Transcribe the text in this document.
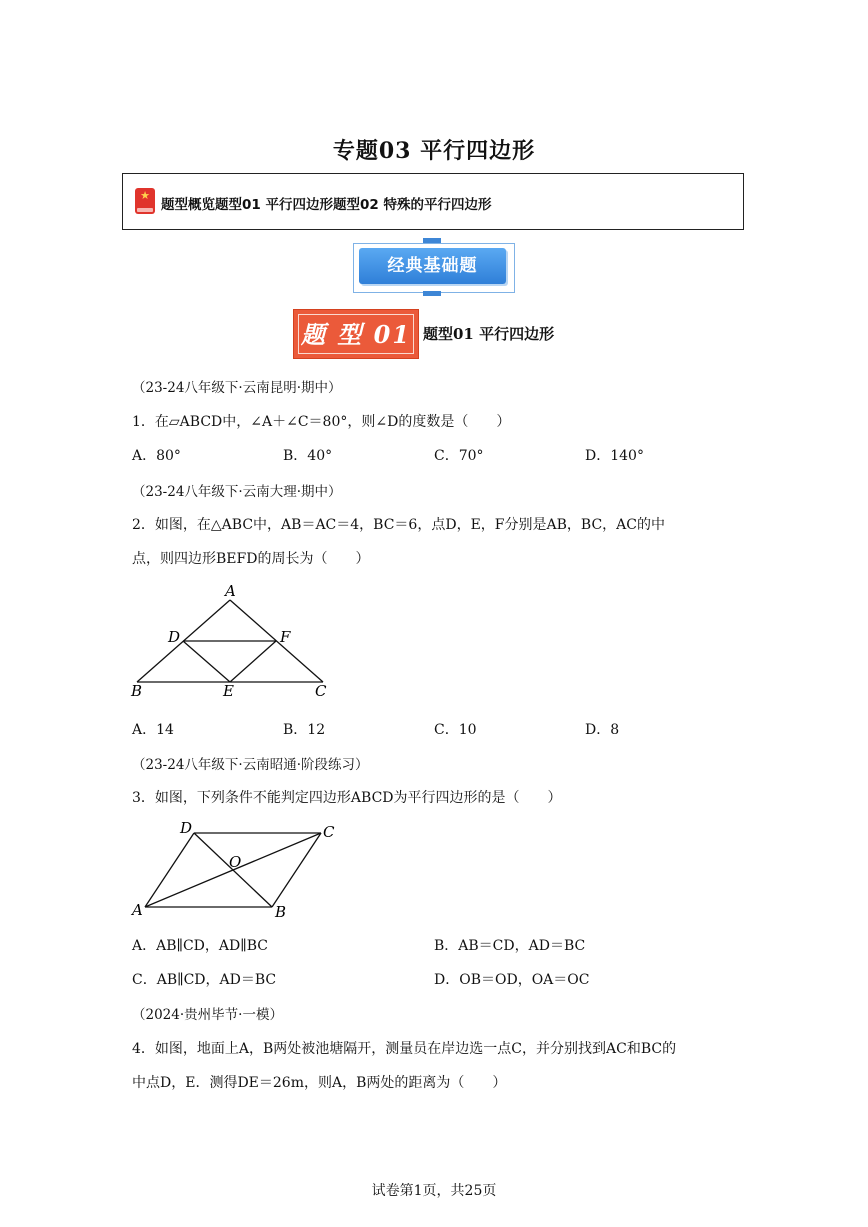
专题03 平行四边形
★
题型概览题型01 平行四边形题型02 特殊的平行四边形
经典基础题
题 型 01 题型01 平行四边形
（23-24八年级下·云南昆明·期中）
1．在▱ABCD中，∠A＋∠C＝80°，则∠D的度数是（　　）
A．80°	B．40°	C．70°	D．140°
（23-24八年级下·云南大理·期中）
2．如图，在△ABC中，AB＝AC＝4，BC＝6，点D，E，F分别是AB，BC，AC的中
点，则四边形BEFD的周长为（　　）
A
D	F
B	E	C
A．14	B．12	C．10	D．8
（23-24八年级下·云南昭通·阶段练习）
3．如图，下列条件不能判定四边形ABCD为平行四边形的是（　　）
D	C
O
A	B
A．AB∥CD，AD∥BC	B．AB＝CD，AD＝BC
C．AB∥CD，AD＝BC	D．OB＝OD，OA＝OC
（2024·贵州毕节·一模）
4．如图，地面上A，B两处被池塘隔开，测量员在岸边选一点C，并分别找到AC和BC的
中点D，E．测得DE＝26m，则A，B两处的距离为（　　）
试卷第1页，共25页
